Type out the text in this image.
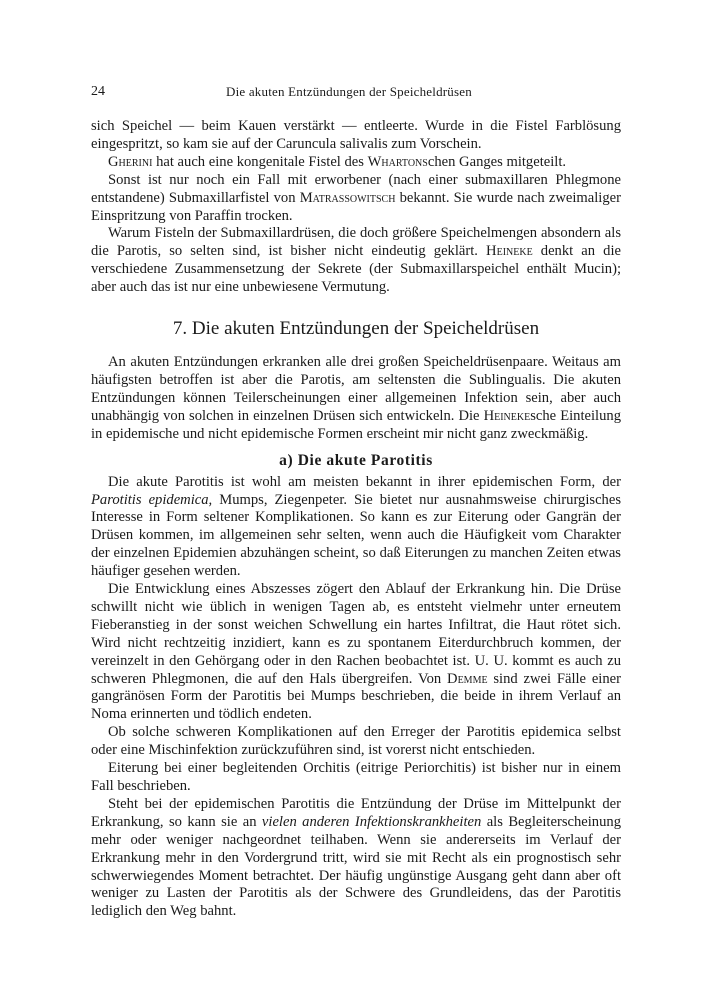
24	Die akuten Entzündungen der Speicheldrüsen

sich Speichel — beim Kauen verstärkt — entleerte. Wurde in die Fistel Farblösung eingespritzt, so kam sie auf der Caruncula salivalis zum Vorschein.

Gherini hat auch eine kongenitale Fistel des Whartonschen Ganges mitgeteilt.

Sonst ist nur noch ein Fall mit erworbener (nach einer submaxillaren Phlegmone entstandene) Submaxillarfistel von Matrassowitsch bekannt. Sie wurde nach zweimaliger Einspritzung von Paraffin trocken.

Warum Fisteln der Submaxillardrüsen, die doch größere Speichelmengen absondern als die Parotis, so selten sind, ist bisher nicht eindeutig geklärt. Heineke denkt an die verschiedene Zusammensetzung der Sekrete (der Submaxillarspeichel enthält Mucin); aber auch das ist nur eine unbewiesene Vermutung.

7. Die akuten Entzündungen der Speicheldrüsen

An akuten Entzündungen erkranken alle drei großen Speicheldrüsenpaare. Weitaus am häufigsten betroffen ist aber die Parotis, am seltensten die Sublingualis. Die akuten Entzündungen können Teilerscheinungen einer allgemeinen Infektion sein, aber auch unabhängig von solchen in einzelnen Drüsen sich entwickeln. Die Heinekesche Einteilung in epidemische und nicht epidemische Formen erscheint mir nicht ganz zweckmäßig.

a) Die akute Parotitis

Die akute Parotitis ist wohl am meisten bekannt in ihrer epidemischen Form, der Parotitis epidemica, Mumps, Ziegenpeter. Sie bietet nur ausnahmsweise chirurgisches Interesse in Form seltener Komplikationen. So kann es zur Eiterung oder Gangrän der Drüsen kommen, im allgemeinen sehr selten, wenn auch die Häufigkeit vom Charakter der einzelnen Epidemien abzuhängen scheint, so daß Eiterungen zu manchen Zeiten etwas häufiger gesehen werden.

Die Entwicklung eines Abszesses zögert den Ablauf der Erkrankung hin. Die Drüse schwillt nicht wie üblich in wenigen Tagen ab, es entsteht vielmehr unter erneutem Fieberanstieg in der sonst weichen Schwellung ein hartes Infiltrat, die Haut rötet sich. Wird nicht rechtzeitig inzidiert, kann es zu spontanem Eiterdurchbruch kommen, der vereinzelt in den Gehörgang oder in den Rachen beobachtet ist. U. U. kommt es auch zu schweren Phlegmonen, die auf den Hals übergreifen. Von Demme sind zwei Fälle einer gangränösen Form der Parotitis bei Mumps beschrieben, die beide in ihrem Verlauf an Noma erinnerten und tödlich endeten.

Ob solche schweren Komplikationen auf den Erreger der Parotitis epidemica selbst oder eine Mischinfektion zurückzuführen sind, ist vorerst nicht entschieden.

Eiterung bei einer begleitenden Orchitis (eitrige Periorchitis) ist bisher nur in einem Fall beschrieben.

Steht bei der epidemischen Parotitis die Entzündung der Drüse im Mittelpunkt der Erkrankung, so kann sie an vielen anderen Infektionskrankheiten als Begleiterscheinung mehr oder weniger nachgeordnet teilhaben. Wenn sie andererseits im Verlauf der Erkrankung mehr in den Vordergrund tritt, wird sie mit Recht als ein prognostisch sehr schwerwiegendes Moment betrachtet. Der häufig ungünstige Ausgang geht dann aber oft weniger zu Lasten der Parotitis als der Schwere des Grundleidens, das der Parotitis lediglich den Weg bahnt.
